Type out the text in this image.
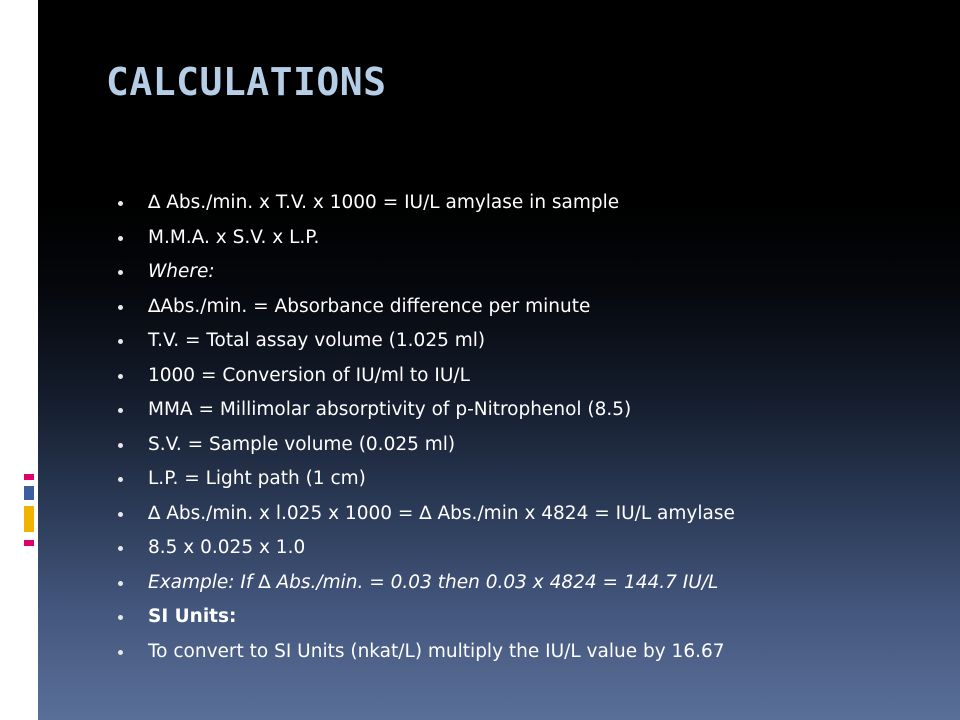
CALCULATIONS
∆ Abs./min. x T.V. x 1000 = IU/L amylase in sample
M.M.A. x S.V. x L.P.
Where:
∆Abs./min. = Absorbance difference per minute
T.V. = Total assay volume (1.025 ml)
1000 = Conversion of IU/ml to IU/L
MMA = Millimolar absorptivity of p-Nitrophenol (8.5)
S.V. = Sample volume (0.025 ml)
L.P. = Light path (1 cm)
∆ Abs./min. x l.025 x 1000 = ∆ Abs./min x 4824 = IU/L amylase
8.5 x 0.025 x 1.0
Example: If ∆ Abs./min. = 0.03 then 0.03 x 4824 = 144.7 IU/L
SI Units:
To convert to SI Units (nkat/L) multiply the IU/L value by 16.67
